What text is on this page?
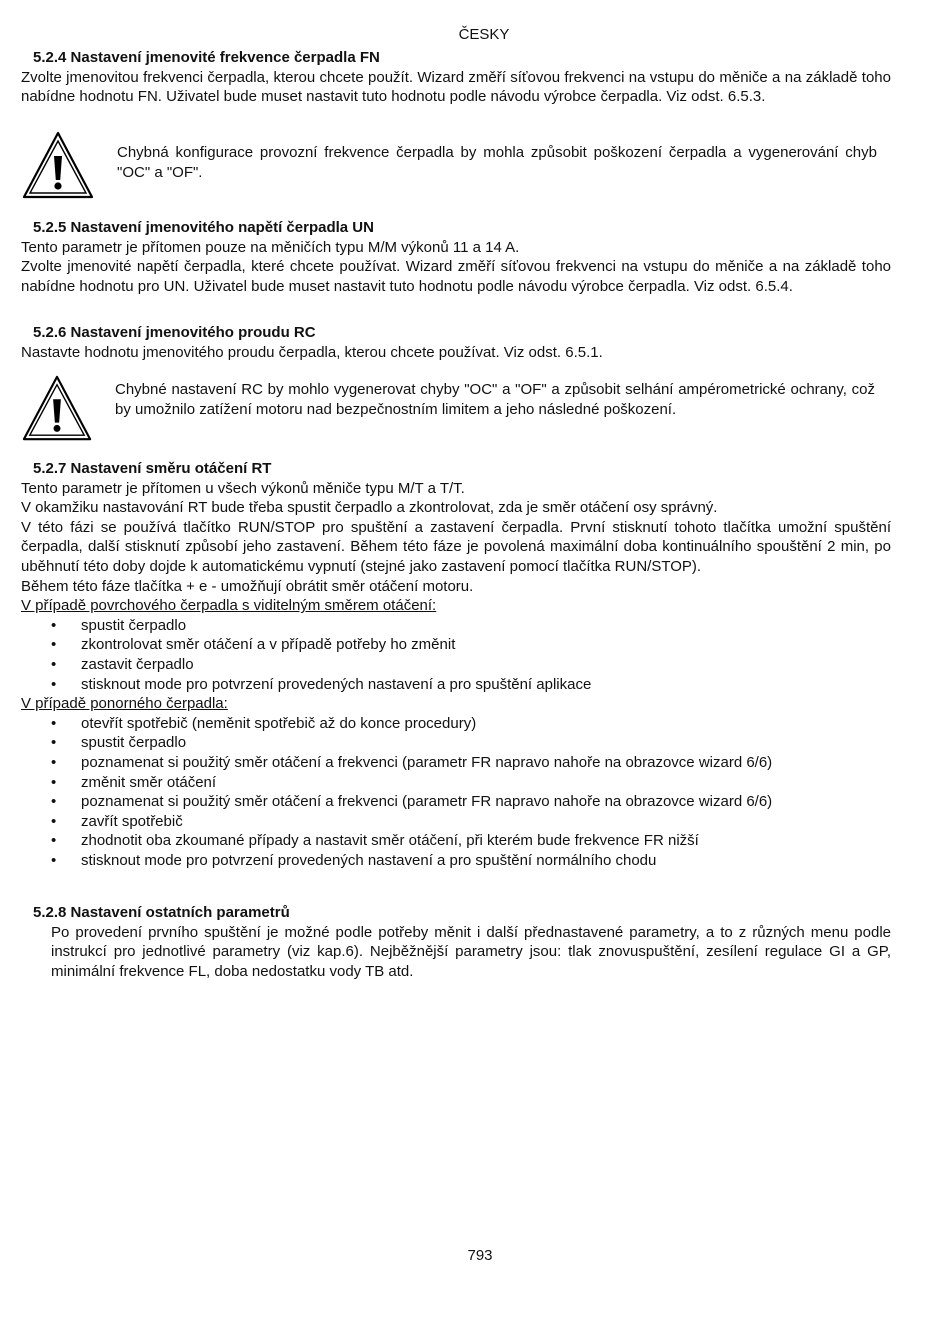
ČESKY

5.2.4 Nastavení jmenovité frekvence čerpadla FN

Zvolte jmenovitou frekvenci čerpadla, kterou chcete použít. Wizard změří síťovou frekvenci na vstupu do měniče a na základě toho nabídne hodnotu FN. Uživatel bude muset nastavit tuto hodnotu podle návodu výrobce čerpadla. Viz odst. 6.5.3.

Chybná konfigurace provozní frekvence čerpadla by mohla způsobit poškození čerpadla a vygenerování chyb "OC" a "OF".

5.2.5 Nastavení jmenovitého napětí čerpadla UN

Tento parametr je přítomen pouze na měničích typu M/M výkonů 11 a 14 A.

Zvolte jmenovité napětí čerpadla, které chcete používat. Wizard změří síťovou frekvenci na vstupu do měniče a na základě toho nabídne hodnotu pro UN. Uživatel bude muset nastavit tuto hodnotu podle návodu výrobce čerpadla. Viz odst. 6.5.4.

5.2.6 Nastavení jmenovitého proudu RC

Nastavte hodnotu jmenovitého proudu čerpadla, kterou chcete používat. Viz odst. 6.5.1.

Chybné nastavení RC by mohlo vygenerovat chyby "OC" a "OF" a způsobit selhání ampérometrické ochrany, což by umožnilo zatížení motoru nad bezpečnostním limitem a jeho následné poškození.

5.2.7 Nastavení směru otáčení RT

Tento parametr je přítomen u všech výkonů měniče typu M/T a T/T.

V okamžiku nastavování RT bude třeba spustit čerpadlo a zkontrolovat, zda je směr otáčení osy správný.

V této fázi se používá tlačítko RUN/STOP pro spuštění a zastavení čerpadla. První stisknutí tohoto tlačítka umožní spuštění čerpadla, další stisknutí způsobí jeho zastavení. Během této fáze je povolená maximální doba kontinuálního spouštění 2 min, po uběhnutí této doby dojde k automatickému vypnutí (stejné jako zastavení pomocí tlačítka RUN/STOP).

Během této fáze tlačítka + e - umožňují obrátit směr otáčení motoru.

V případě povrchového čerpadla s viditelným směrem otáčení:

• spustit čerpadlo
• zkontrolovat směr otáčení a v případě potřeby ho změnit
• zastavit čerpadlo
• stisknout mode pro potvrzení provedených nastavení a pro spuštění aplikace

V případě ponorného čerpadla:

• otevřít spotřebič (neměnit spotřebič až do konce procedury)
• spustit čerpadlo
• poznamenat si použitý směr otáčení a frekvenci (parametr FR napravo nahoře na obrazovce wizard 6/6)
• změnit směr otáčení
• poznamenat si použitý směr otáčení a frekvenci (parametr FR napravo nahoře na obrazovce wizard 6/6)
• zavřít spotřebič
• zhodnotit oba zkoumané případy a nastavit směr otáčení, při kterém bude frekvence FR nižší
• stisknout mode pro potvrzení provedených nastavení a pro spuštění normálního chodu

5.2.8 Nastavení ostatních parametrů

Po provedení prvního spuštění je možné podle potřeby měnit i další přednastavené parametry, a to z různých menu podle instrukcí pro jednotlivé parametry (viz kap.6). Nejběžnější parametry jsou: tlak znovuspuštění, zesílení regulace GI a GP, minimální frekvence FL, doba nedostatku vody TB atd.

793
